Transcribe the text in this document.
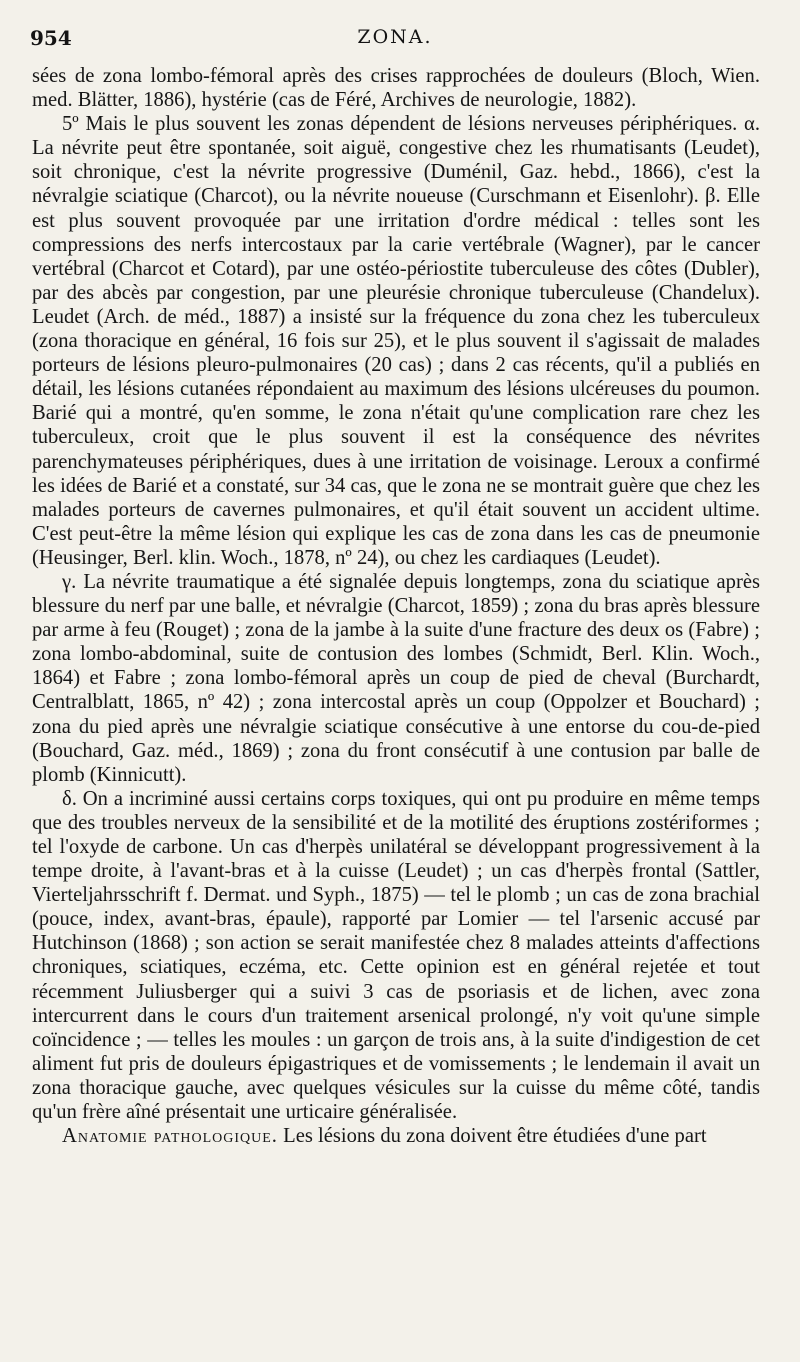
954	ZONA.

sées de zona lombo-fémoral après des crises rapprochées de douleurs (Bloch, Wien. med. Blätter, 1886), hystérie (cas de Féré, Archives de neurologie, 1882).

5º Mais le plus souvent les zonas dépendent de lésions nerveuses périphériques. α. La névrite peut être spontanée, soit aiguë, congestive chez les rhumatisants (Leudet), soit chronique, c'est la névrite progressive (Duménil, Gaz. hebd., 1866), c'est la névralgie sciatique (Charcot), ou la névrite noueuse (Curschmann et Eisenlohr). β. Elle est plus souvent provoquée par une irritation d'ordre médical : telles sont les compressions des nerfs intercostaux par la carie vertébrale (Wagner), par le cancer vertébral (Charcot et Cotard), par une ostéo-périostite tuberculeuse des côtes (Dubler), par des abcès par congestion, par une pleurésie chronique tuberculeuse (Chandelux). Leudet (Arch. de méd., 1887) a insisté sur la fréquence du zona chez les tuberculeux (zona thoracique en général, 16 fois sur 25), et le plus souvent il s'agissait de malades porteurs de lésions pleuro-pulmonaires (20 cas) ; dans 2 cas récents, qu'il a publiés en détail, les lésions cutanées répondaient au maximum des lésions ulcéreuses du poumon. Barié qui a montré, qu'en somme, le zona n'était qu'une complication rare chez les tuberculeux, croit que le plus souvent il est la conséquence des névrites parenchymateuses périphériques, dues à une irritation de voisinage. Leroux a confirmé les idées de Barié et a constaté, sur 34 cas, que le zona ne se montrait guère que chez les malades porteurs de cavernes pulmonaires, et qu'il était souvent un accident ultime. C'est peut-être la même lésion qui explique les cas de zona dans les cas de pneumonie (Heusinger, Berl. klin. Woch., 1878, nº 24), ou chez les cardiaques (Leudet).

γ. La névrite traumatique a été signalée depuis longtemps, zona du sciatique après blessure du nerf par une balle, et névralgie (Charcot, 1859) ; zona du bras après blessure par arme à feu (Rouget) ; zona de la jambe à la suite d'une fracture des deux os (Fabre) ; zona lombo-abdominal, suite de contusion des lombes (Schmidt, Berl. Klin. Woch., 1864) et Fabre ; zona lombo-fémoral après un coup de pied de cheval (Burchardt, Centralblatt, 1865, nº 42) ; zona intercostal après un coup (Oppolzer et Bouchard) ; zona du pied après une névralgie sciatique consécutive à une entorse du cou-de-pied (Bouchard, Gaz. méd., 1869) ; zona du front consécutif à une contusion par balle de plomb (Kinnicutt).

δ. On a incriminé aussi certains corps toxiques, qui ont pu produire en même temps que des troubles nerveux de la sensibilité et de la motilité des éruptions zostériformes ; tel l'oxyde de carbone. Un cas d'herpès unilatéral se développant progressivement à la tempe droite, à l'avant-bras et à la cuisse (Leudet) ; un cas d'herpès frontal (Sattler, Vierteljahrsschrift f. Dermat. und Syph., 1875) — tel le plomb ; un cas de zona brachial (pouce, index, avant-bras, épaule), rapporté par Lomier — tel l'arsenic accusé par Hutchinson (1868) ; son action se serait manifestée chez 8 malades atteints d'affections chroniques, sciatiques, eczéma, etc. Cette opinion est en général rejetée et tout récemment Juliusberger qui a suivi 3 cas de psoriasis et de lichen, avec zona intercurrent dans le cours d'un traitement arsenical prolongé, n'y voit qu'une simple coïncidence ; — telles les moules : un garçon de trois ans, à la suite d'indigestion de cet aliment fut pris de douleurs épigastriques et de vomissements ; le lendemain il avait un zona thoracique gauche, avec quelques vésicules sur la cuisse du même côté, tandis qu'un frère aîné présentait une urticaire généralisée.

Anatomie pathologique. Les lésions du zona doivent être étudiées d'une part
